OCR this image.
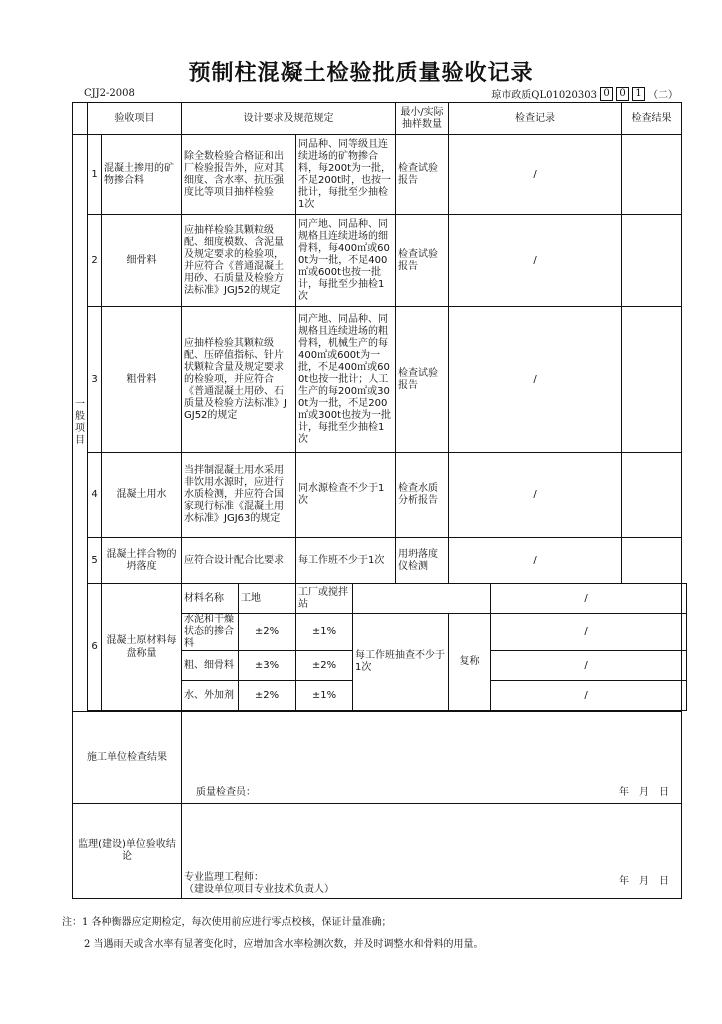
预制柱混凝土检验批质量验收记录
CJJ2-2008	琼市政质QL01020303 0 0 1 （二）
	验收项目		设计要求及规范规定				最小/实际抽样数量	检查记录		检查结果	

一
般
项
目	1	混凝土掺用的矿物掺合料	除全数检验合格证和出厂检验报告外，应对其细度、含水率、抗压强度比等项目抽样检验		同品种、同等级且连续进场的矿物掺合料，每200t为一批，不足200t时，也按一批计，每批至少抽检1次		检查试验报告	/			
	2	细骨料	应抽样检验其颗粒级配、细度模数、含泥量及规定要求的检验项，并应符合《普通混凝土用砂、石质量及检验方法标准》JGJ52的规定		同产地、同品种、同规格且连续进场的细骨料，每400㎡或600t为一批，不足400㎡或600t也按一批计，每批至少抽检1次		检查试验报告	/			
	3	粗骨料	应抽样检验其颗粒级配、压碎值指标、针片状颗粒含量及规定要求的检验项，并应符合《普通混凝土用砂、石质量及检验方法标准》JGJ52的规定		同产地、同品种、同规格且连续进场的粗骨料，机械生产的每400㎡或600t为一批，不足400㎡或600t也按一批计；人工生产的每200㎡或300t为一批，不足200㎡或300t也按为一批计，每批至少抽检1次		检查试验报告	/			
	4	混凝土用水	当拌制混凝土用水采用非饮用水源时，应进行水质检测，并应符合国家现行标准《混凝土用水标准》JGJ63的规定		同水源检查不少于1次		检查水质分析报告	/			
	5	混凝土拌合物的坍落度	应符合设计配合比要求		每工作班不少于1次		用坍落度仪检测	/			
	6	混凝土原材料每盘称量	材料名称	工地	工厂或搅拌站				/		
			水泥和干燥状态的掺合料	±2%	±1%	每工作班抽查不少于1次		复称	/		
			粗、细骨料	±3%	±2%				/		
			水、外加剂	±2%	±1%				/		

施工单位检查结果			质量检查员： 年　月　日								

监理(建设)单位验收结论			专业监理工程师：
（建设单位项目专业技术负责人）
年　月　日								
注：1 各种衡器应定期检定，每次使用前应进行零点校核，保证计量准确；
2 当遇雨天或含水率有显著变化时，应增加含水率检测次数，并及时调整水和骨料的用量。
